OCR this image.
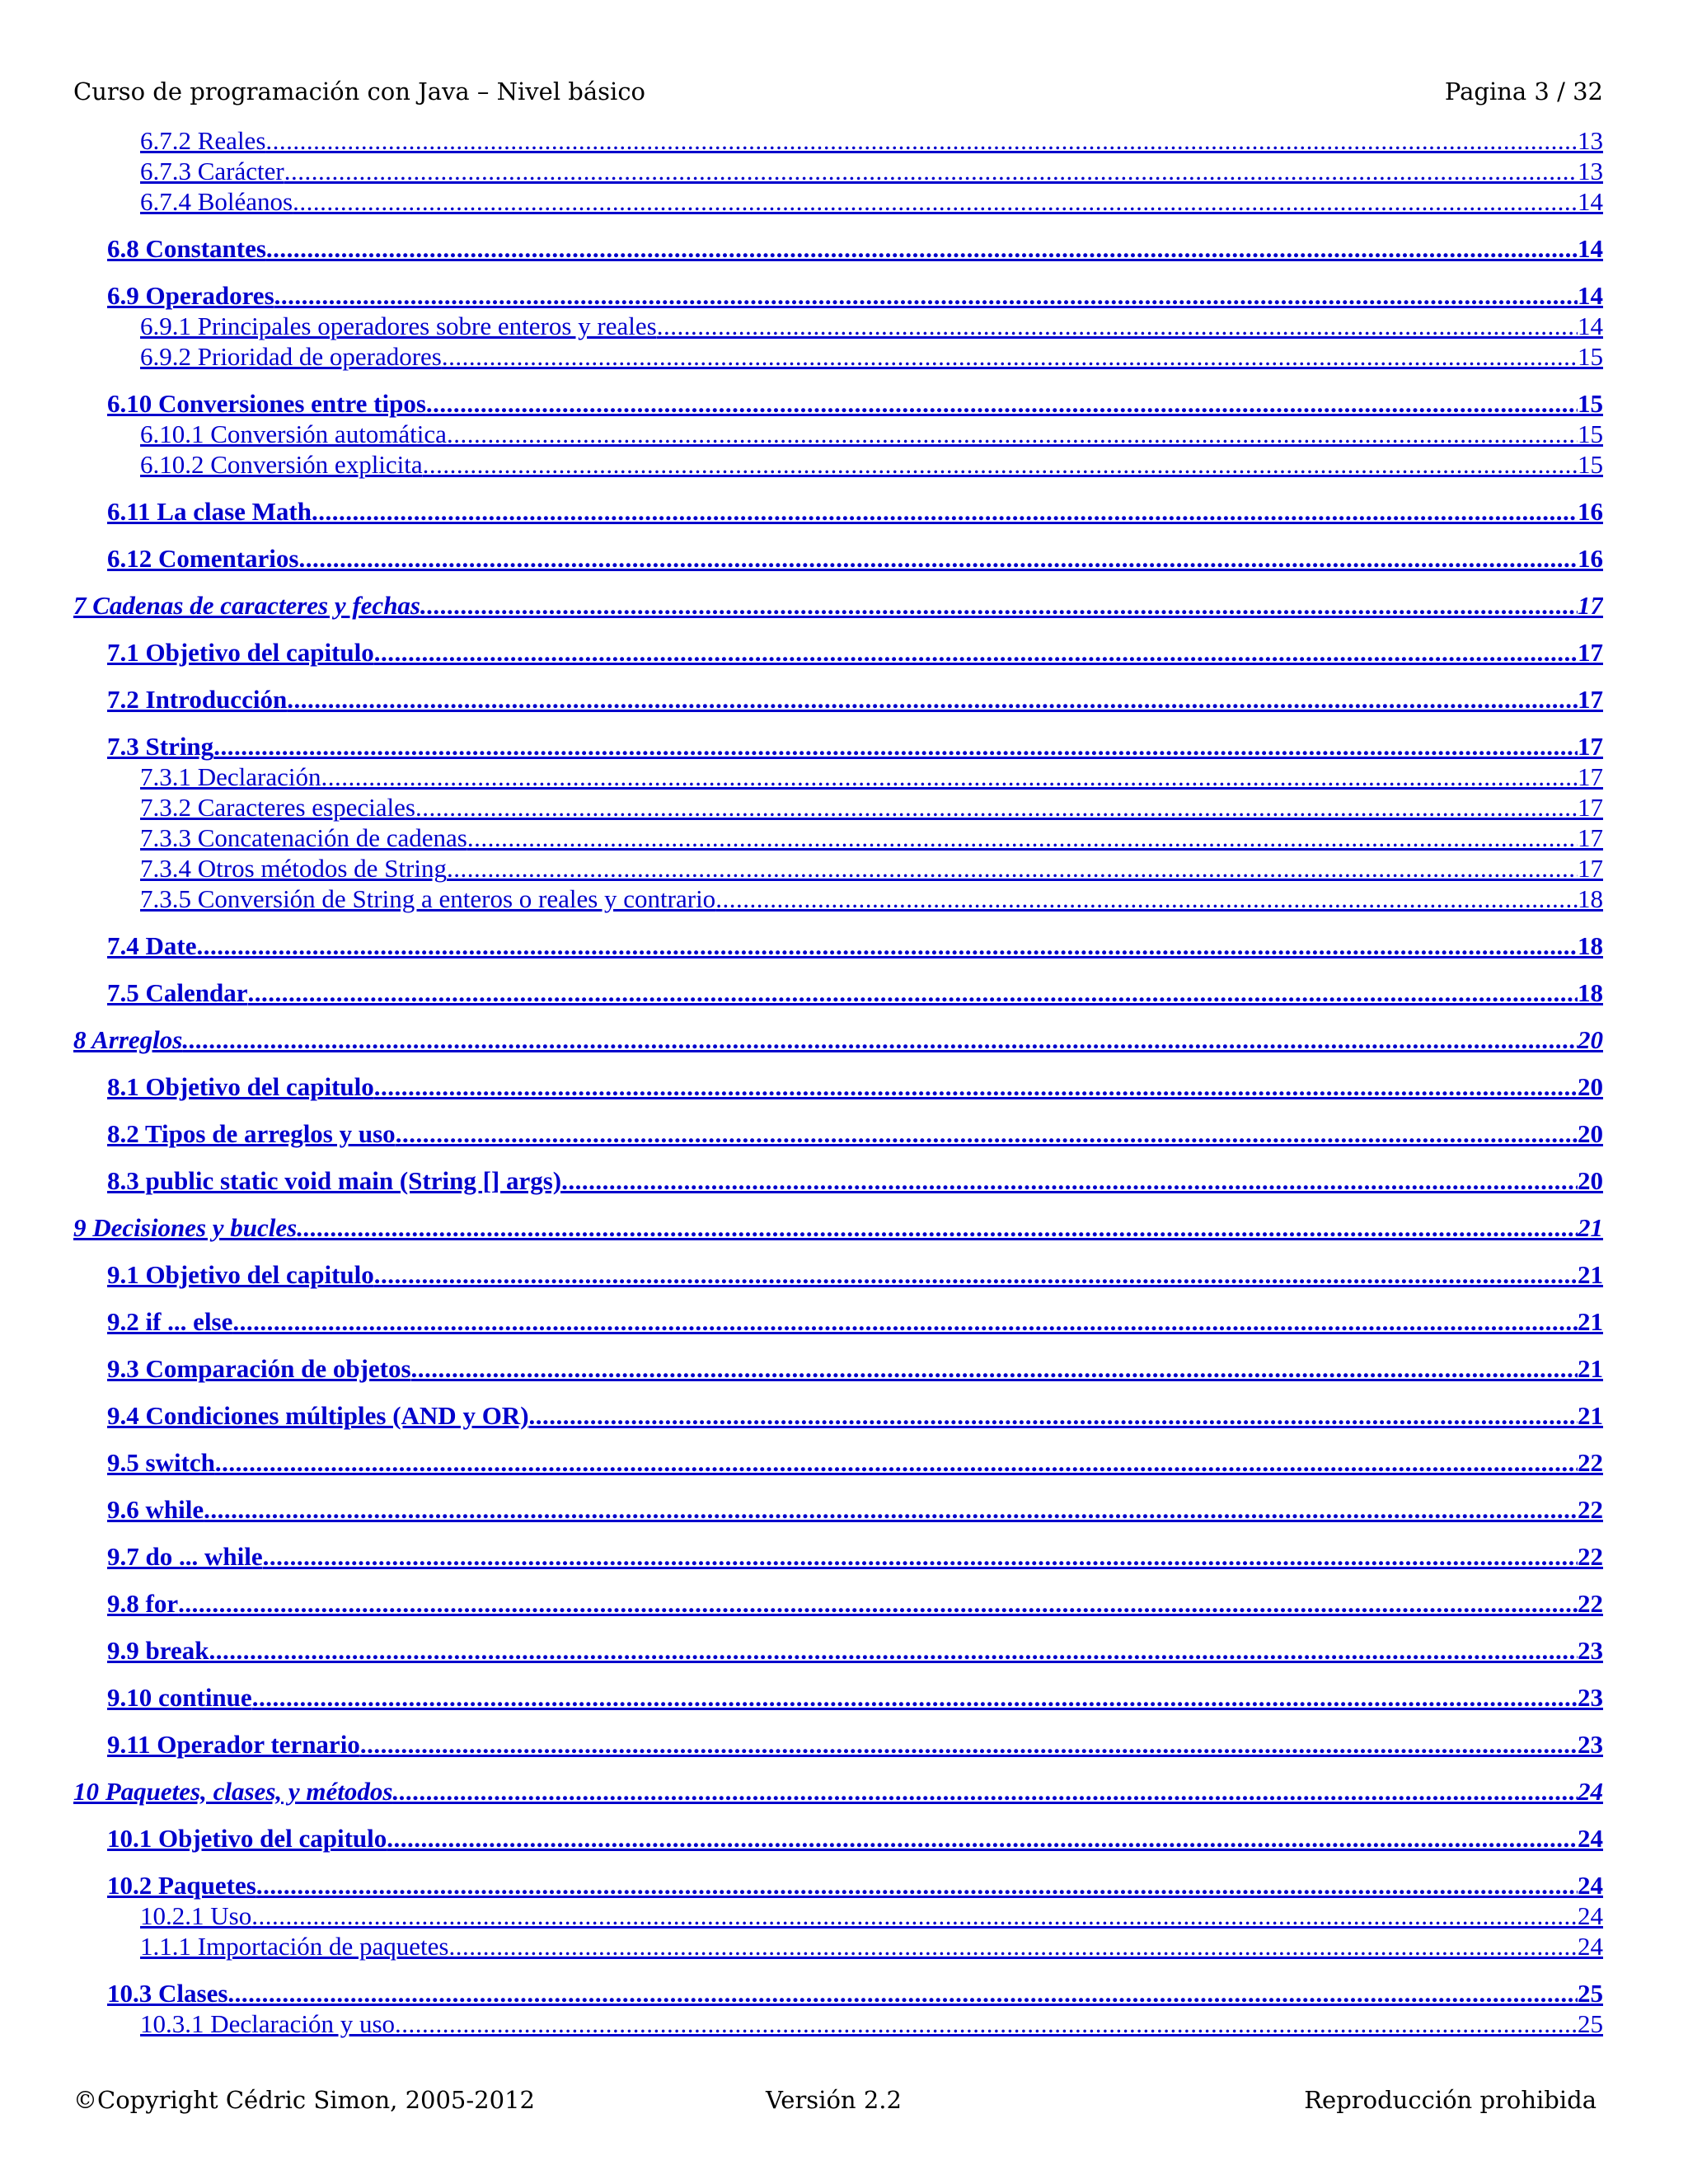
Curso de programación con Java – Nivel básico	Pagina 3 / 32
6.7.2 Reales .....	13
6.7.3 Carácter .....	13
6.7.4 Boléanos .....	14
6.8 Constantes .....	14
6.9 Operadores .....	14
6.9.1 Principales operadores sobre enteros y reales .....	14
6.9.2 Prioridad de operadores .....	15
6.10 Conversiones entre tipos .....	15
6.10.1 Conversión automática .....	15
6.10.2 Conversión explicita .....	15
6.11 La clase Math .....	16
6.12 Comentarios .....	16
7 Cadenas de caracteres y fechas .....	17
7.1 Objetivo del capitulo .....	17
7.2 Introducción .....	17
7.3 String .....	17
7.3.1 Declaración .....	17
7.3.2 Caracteres especiales .....	17
7.3.3 Concatenación de cadenas .....	17
7.3.4 Otros métodos de String .....	17
7.3.5 Conversión de String a enteros o reales y contrario .....	18
7.4 Date .....	18
7.5 Calendar .....	18
8 Arreglos .....	20
8.1 Objetivo del capitulo .....	20
8.2 Tipos de arreglos y uso .....	20
8.3 public static void main (String [] args) .....	20
9 Decisiones y bucles .....	21
9.1 Objetivo del capitulo .....	21
9.2 if ... else .....	21
9.3 Comparación de objetos .....	21
9.4 Condiciones múltiples (AND y OR) .....	21
9.5 switch .....	22
9.6 while .....	22
9.7 do ... while .....	22
9.8 for .....	22
9.9 break .....	23
9.10 continue .....	23
9.11 Operador ternario .....	23
10 Paquetes, clases, y métodos .....	24
10.1 Objetivo del capitulo .....	24
10.2 Paquetes .....	24
10.2.1 Uso .....	24
1.1.1 Importación de paquetes .....	24
10.3 Clases .....	25
10.3.1 Declaración y uso .....	25
©Copyright Cédric Simon, 2005-2012	Versión 2.2	Reproducción prohibida
